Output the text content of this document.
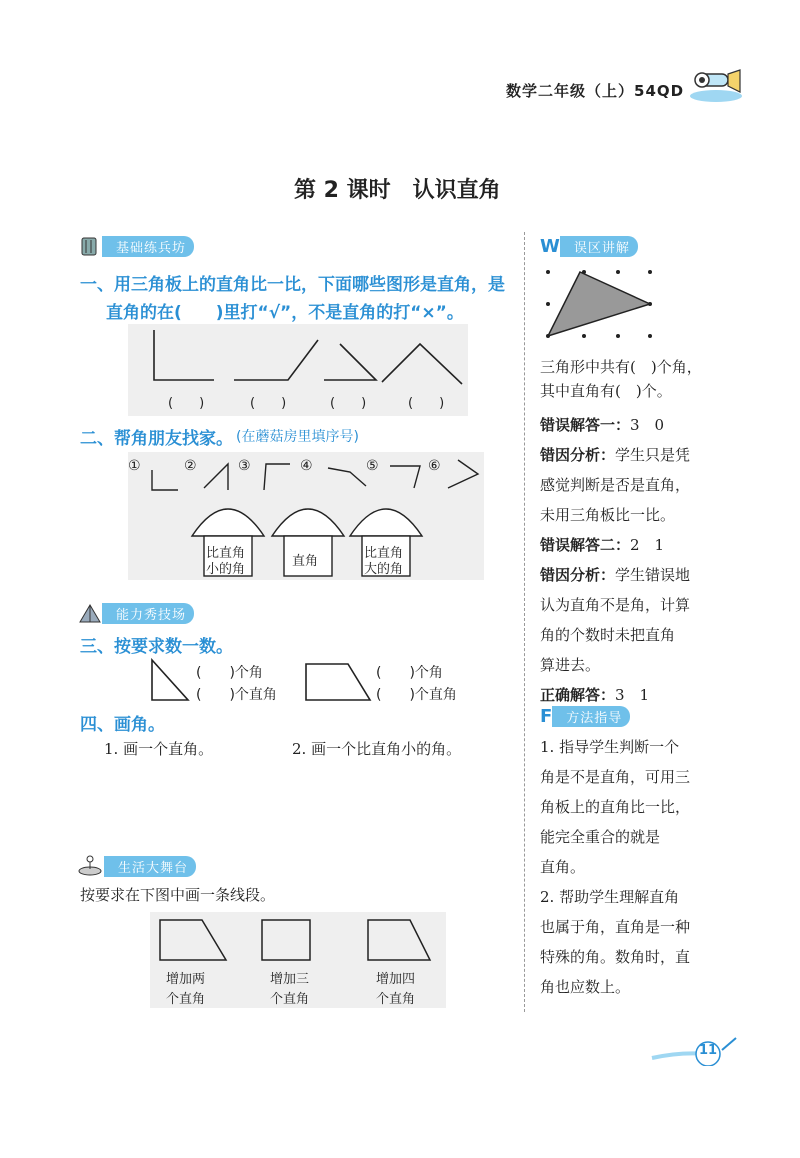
数学二年级（上）54QD
第 2 课时　认识直角
基础练兵坊
一、用三角板上的直角比一比，下面哪些图形是直角，是
直角的在(　　)里打“√”，不是直角的打“×”。
(　　)	(　　)	(　　)	(　　)
二、帮角朋友找家。 (在蘑菇房里填序号)
①	②	③	④	⑤	⑥
比直角
小的角
直角
比直角
大的角
能力秀技场
三、按要求数一数。
(　　)个角
(　　)个直角
(　　)个角
(　　)个直角
四、画角。
1. 画一个直角。	2. 画一个比直角小的角。
生活大舞台
按要求在下图中画一条线段。
增加两
个直角
增加三
个直角
增加四
个直角
W	误区讲解
三角形中共有(　)个角，
其中直角有(　)个。
错误解答一：3　0
错因分析：学生只是凭
感觉判断是否是直角，
未用三角板比一比。
错误解答二：2　1
错因分析：学生错误地
认为直角不是角，计算
角的个数时未把直角
算进去。
正确解答：3　1
F	方法指导
1. 指导学生判断一个
角是不是直角，可用三
角板上的直角比一比，
能完全重合的就是
直角。
2. 帮助学生理解直角
也属于角，直角是一种
特殊的角。数角时，直
角也应数上。
11
